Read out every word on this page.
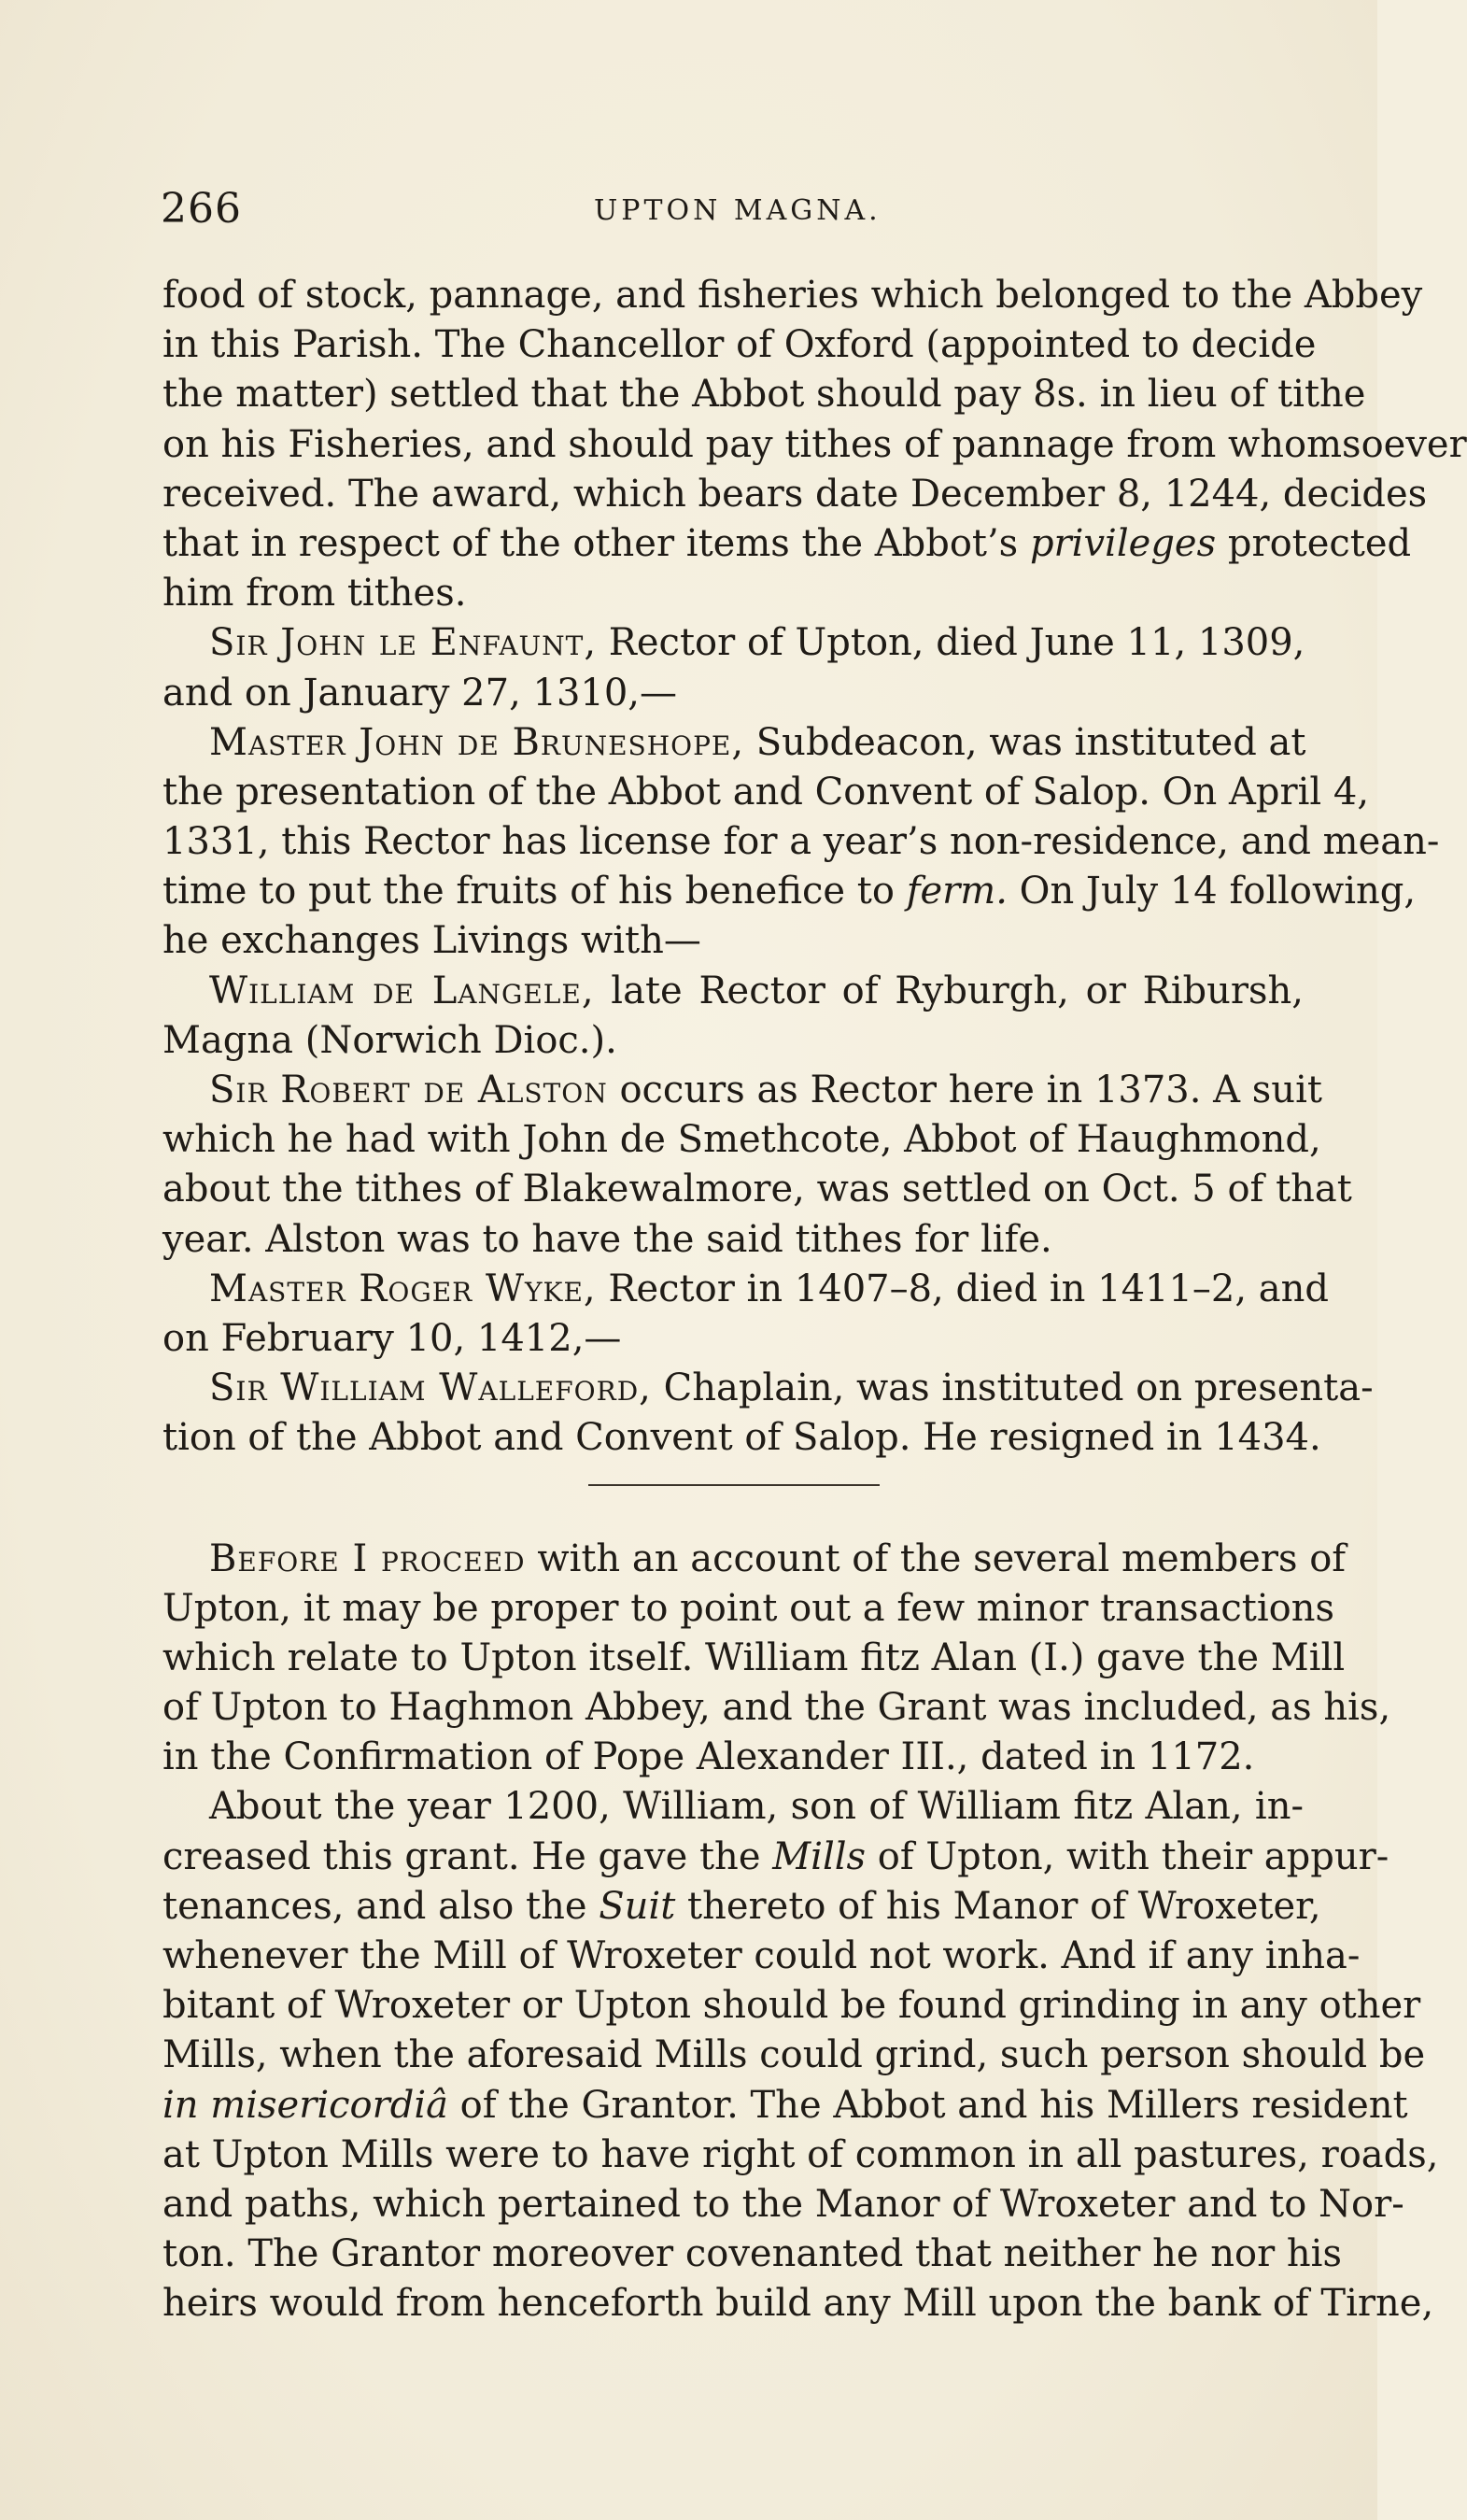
266	UPTON MAGNA.
food of stock, pannage, and fisheries which belonged to the Abbey
in this Parish. The Chancellor of Oxford (appointed to decide
the matter) settled that the Abbot should pay 8s. in lieu of tithe
on his Fisheries, and should pay tithes of pannage from whomsoever
received. The award, which bears date December 8, 1244, decides
that in respect of the other items the Abbot’s privileges protected
him from tithes.
Sir John le Enfaunt, Rector of Upton, died June 11, 1309,
and on January 27, 1310,—
Master John de Bruneshope, Subdeacon, was instituted at
the presentation of the Abbot and Convent of Salop. On April 4,
1331, this Rector has license for a year’s non-residence, and mean-
time to put the fruits of his benefice to ferm. On July 14 following,
he exchanges Livings with—
William de Langele, late Rector of Ryburgh, or Ribursh,
Magna (Norwich Dioc.).
Sir Robert de Alston occurs as Rector here in 1373. A suit
which he had with John de Smethcote, Abbot of Haughmond,
about the tithes of Blakewalmore, was settled on Oct. 5 of that
year. Alston was to have the said tithes for life.
Master Roger Wyke, Rector in 1407–8, died in 1411–2, and
on February 10, 1412,—
Sir William Walleford, Chaplain, was instituted on presenta-
tion of the Abbot and Convent of Salop. He resigned in 1434.
Before I proceed with an account of the several members of
Upton, it may be proper to point out a few minor transactions
which relate to Upton itself. William fitz Alan (I.) gave the Mill
of Upton to Haghmon Abbey, and the Grant was included, as his,
in the Confirmation of Pope Alexander III., dated in 1172.
About the year 1200, William, son of William fitz Alan, in-
creased this grant. He gave the Mills of Upton, with their appur-
tenances, and also the Suit thereto of his Manor of Wroxeter,
whenever the Mill of Wroxeter could not work. And if any inha-
bitant of Wroxeter or Upton should be found grinding in any other
Mills, when the aforesaid Mills could grind, such person should be
in misericordiâ of the Grantor. The Abbot and his Millers resident
at Upton Mills were to have right of common in all pastures, roads,
and paths, which pertained to the Manor of Wroxeter and to Nor-
ton. The Grantor moreover covenanted that neither he nor his
heirs would from henceforth build any Mill upon the bank of Tirne,
